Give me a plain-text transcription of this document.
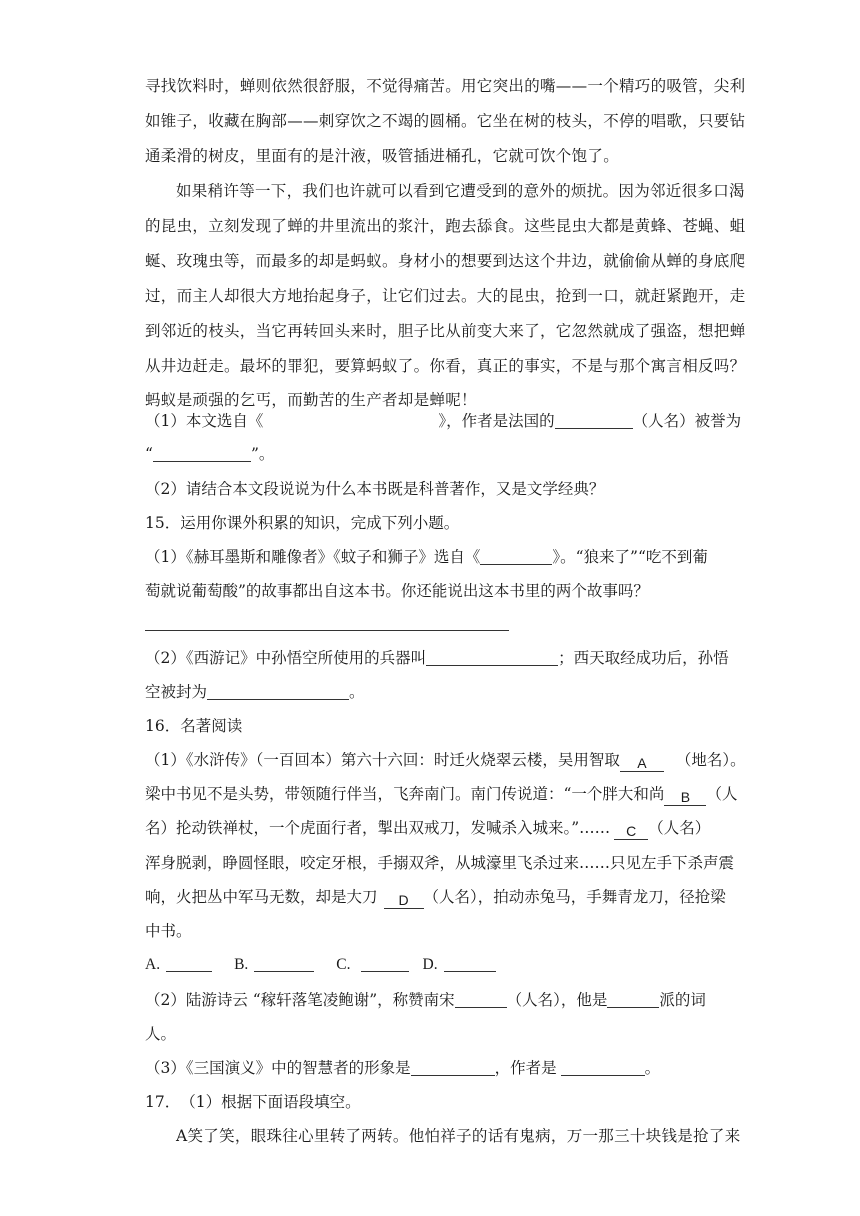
寻找饮料时，蝉则依然很舒服，不觉得痛苦。用它突出的嘴——一个精巧的吸管，尖利
如锥子，收藏在胸部——刺穿饮之不竭的圆桶。它坐在树的枝头，不停的唱歌，只要钻
通柔滑的树皮，里面有的是汁液，吸管插进桶孔，它就可饮个饱了。
如果稍许等一下，我们也许就可以看到它遭受到的意外的烦扰。因为邻近很多口渴
的昆虫，立刻发现了蝉的井里流出的浆汁，跑去舔食。这些昆虫大都是黄蜂、苍蝇、蛆
蜒、玫瑰虫等，而最多的却是蚂蚁。身材小的想要到达这个井边，就偷偷从蝉的身底爬
过，而主人却很大方地抬起身子，让它们过去。大的昆虫，抢到一口，就赶紧跑开，走
到邻近的枝头，当它再转回头来时，胆子比从前变大来了，它忽然就成了强盗，想把蝉
从井边赶走。最坏的罪犯，要算蚂蚁了。你看，真正的事实，不是与那个寓言相反吗？
蚂蚁是顽强的乞丐，而勤苦的生产者却是蝉呢！
（1）本文选自《	》，作者是法国的	（人名）被誉为
“	”。
（2）请结合本文段说说为什么本书既是科普著作，又是文学经典？
15．运用你课外积累的知识，完成下列小题。
（1）《赫耳墨斯和雕像者》《蚊子和狮子》选自《	》。“狼来了”“吃不到葡
萄就说葡萄酸”的故事都出自这本书。你还能说出这本书里的两个故事吗？
（2）《西游记》中孙悟空所使用的兵器叫	；西天取经成功后，孙悟
空被封为	。
16．名著阅读
（1）《水浒传》（一百回本）第六十六回：时迁火烧翠云楼，吴用智取 A （地名）。
梁中书见不是头势，带领随行伴当，飞奔南门。南门传说道：“一个胖大和尚 B （人
名）抡动铁禅杖，一个虎面行者，掣出双戒刀，发喊杀入城来。”…… C （人名）
浑身脱剥，睁圆怪眼，咬定牙根，手搦双斧，从城濠里飞杀过来……只见左手下杀声震
响，火把丛中军马无数，却是大刀 D （人名），拍动赤兔马，手舞青龙刀，径抢梁
中书。
A.	B.	C.	D.
（2）陆游诗云 “稼轩落笔凌鲍谢”，称赞南宋	（人名），他是	派的词
人。
（3）《三国演义》中的智慧者的形象是	，作者是	。
17．　（1）根据下面语段填空。
A笑了笑，眼珠往心里转了两转。他怕祥子的话有鬼病，万一那三十块钱是抢了来
